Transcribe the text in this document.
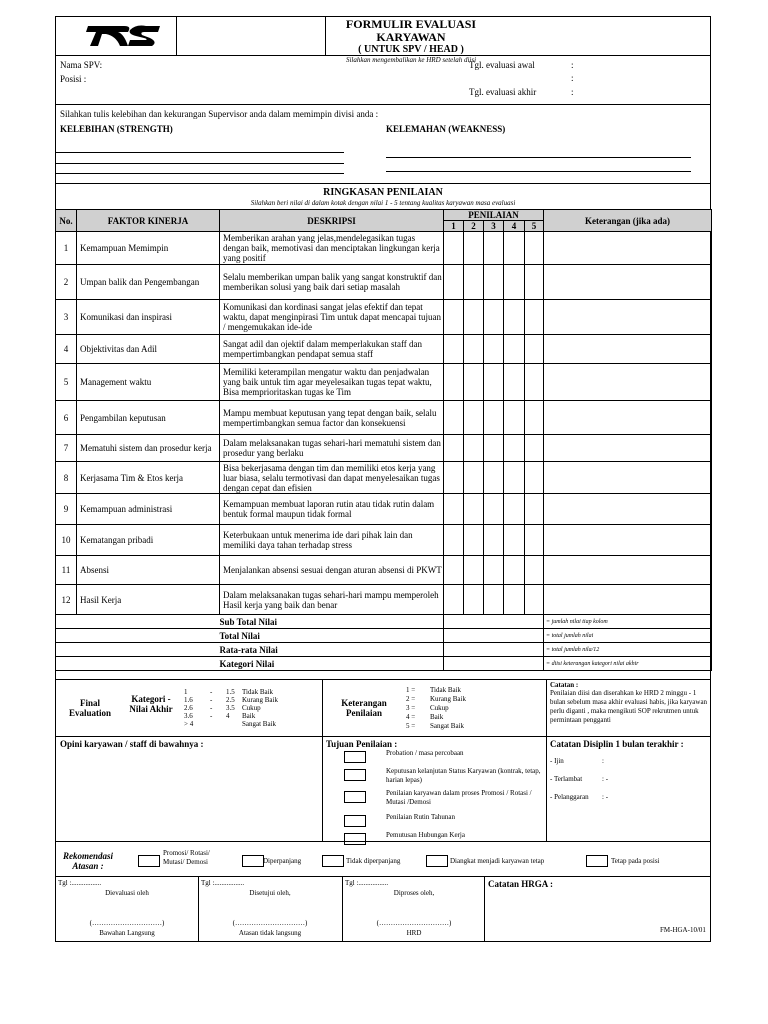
FORMULIR EVALUASI KARYAWAN
( UNTUK SPV / HEAD )
Silahkan mengembalikan ke HRD setelah diisi
Nama SPV:
Posisi :
Tgl. evaluasi awal	:
:
Tgl. evaluasi akhir	:
Silahkan tulis kelebihan dan kekurangan Supervisor anda dalam memimpin divisi anda :
KELEBIHAN (STRENGTH)	KELEMAHAN (WEAKNESS)
RINGKASAN PENILAIAN
Silahkan beri nilai di dalam kotak dengan nilai 1 - 5 tentang kualitas karyawan masa evaluasi
No.	FAKTOR KINERJA	DESKRIPSI	PENILAIAN					Keterangan (jika ada)
			1	2	3	4	5	
1	Kemampuan Memimpin	Memberikan arahan yang jelas,mendelegasikan tugas dengan baik, memotivasi dan menciptakan lingkungan kerja yang positif						
2	Umpan balik dan Pengembangan	Selalu memberikan umpan balik yang sangat konstruktif dan memberikan solusi yang baik dari setiap masalah						
3	Komunikasi dan inspirasi	Komunikasi dan kordinasi sangat jelas efektif dan tepat waktu, dapat menginpirasi Tim untuk dapat mencapai tujuan / mengemukakan ide-ide						
4	Objektivitas dan Adil	Sangat adil dan ojektif dalam memperlakukan staff dan mempertimbangkan pendapat semua staff						
5	Management waktu	Memiliki keterampilan mengatur waktu dan penjadwalan yang baik untuk tim agar meyelesaikan tugas tepat waktu, Bisa memprioritaskan tugas ke Tim						
6	Pengambilan keputusan	Mampu membuat keputusan yang tepat dengan baik, selalu mempertimbangkan semua factor dan konsekuensi						
7	Mematuhi sistem dan prosedur kerja	Dalam melaksanakan tugas sehari-hari mematuhi sistem dan prosedur yang berlaku						
8	Kerjasama Tim & Etos kerja	Bisa bekerjasama dengan tim dan memiliki etos kerja yang luar biasa, selalu termotivasi dan dapat menyelesaikan tugas dengan cepat dan efisien						
9	Kemampuan administrasi	Kemampuan membuat laporan rutin atau tidak rutin dalam bentuk formal maupun tidak formal						
10	Kematangan pribadi	Keterbukaan untuk menerima ide dari pihak lain dan memiliki daya tahan terhadap stress						
11	Absensi	Menjalankan absensi sesuai dengan aturan absensi di PKWT						
12	Hasil Kerja	Dalam melaksanakan tugas sehari-hari mampu memperoleh Hasil kerja yang baik dan benar						
		Sub Total Nilai						= jumlah nilai tiap kolom
		Total Nilai						= total jumlah nilai
		Rata-rata Nilai						= total jumlah nila/12
		Kategori Nilai						= diisi keterangan kategori nilai akhir
Final Evaluation
Kategori - Nilai Akhir
1	- 1.5 Tidak Baik
1.6 - 2.5 Kurang Baik
2.6 - 3.5 Cukup
3.6 - 4 Baik
> 4	Sangat Baik
Keterangan Penilaian
1 = Tidak Baik
2 = Kurang Baik
3 = Cukup
4 = Baik
5 = Sangat Baik
Catatan :
Penilaian diisi dan diserahkan ke HRD 2 minggu - 1 bulan sebelum masa akhir evaluasi habis, jika karyawan perlu diganti , maka mengikuti SOP rekrutmen untuk permintaan pengganti
Opini karyawan / staff di bawahnya :	Tujuan Penilaian :
Probation / masa percobaan
Keputusan kelanjutan Status Karyawan (kontrak, tetap, harian lepas)
Penilaian karyawan dalam proses Promosi / Rotasi / Mutasi /Demosi
Penilaian Rutin Tahunan
Pemutusan Hubungan Kerja
Catatan Disiplin 1 bulan terakhir :
- Ijin	:
- Terlambat	: -
- Pelanggaran : -
Rekomendasi Atasan :
Promosi/ Rotasi/ Mutasi/ Demosi	Diperpanjang	Tidak diperpanjang	Diangkat menjadi karyawan tetap	Tetap pada posisi
Catatan HRGA :
Tgl :.................
Dievaluasi oleh
(…………………………)
Bawahan Langsung
Tgl :.................
Disetujui oleh,
(…………………………)
Atasan tidak langsung
Tgl :.................
Diproses oleh,
(…………………………)
HRD	FM-HGA-10/01
